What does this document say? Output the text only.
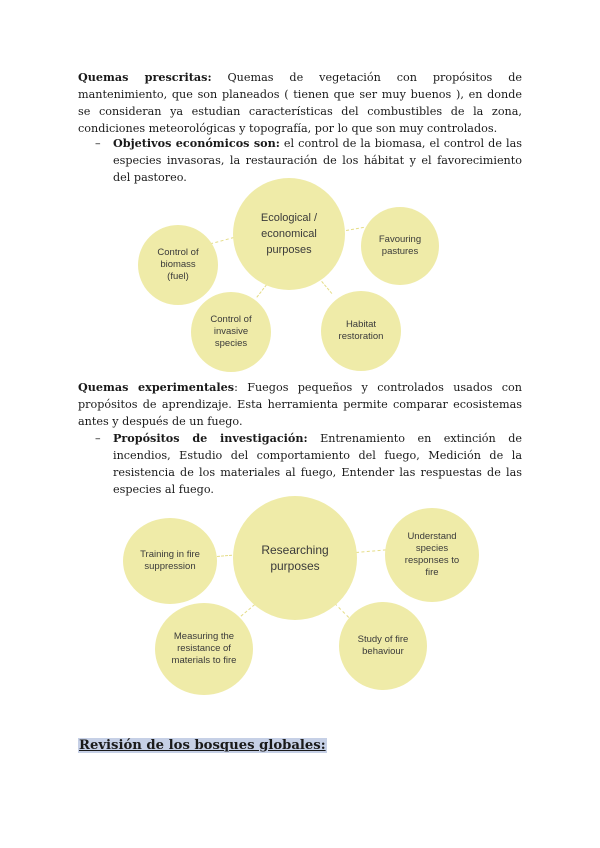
Quemas prescritas: Quemas de vegetación con propósitos de mantenimiento, que son planeados ( tienen que ser muy buenos ), en donde se consideran ya estudian características del combustibles de la zona, condiciones meteorológicas y topografía, por lo que son muy controlados.
–	Objetivos económicos son: el control de la biomasa, el control de las especies invasoras, la restauración de los hábitat y el favorecimiento del pastoreo.
Ecological / economical purposes
Control of biomass (fuel)
Favouring pastures
Control of invasive species
Habitat restoration
Quemas experimentales: Fuegos pequeños y controlados usados con propósitos de aprendizaje. Esta herramienta permite comparar ecosistemas antes y después de un fuego.
–	Propósitos de investigación: Entrenamiento en extinción de incendios, Estudio del comportamiento del fuego, Medición de la resistencia de los materiales al fuego, Entender las respuestas de las especies al fuego.
Researching purposes
Training in fire suppression
Understand species responses to fire
Measuring the resistance of materials to fire
Study of fire behaviour
Revisión de los bosques globales:
